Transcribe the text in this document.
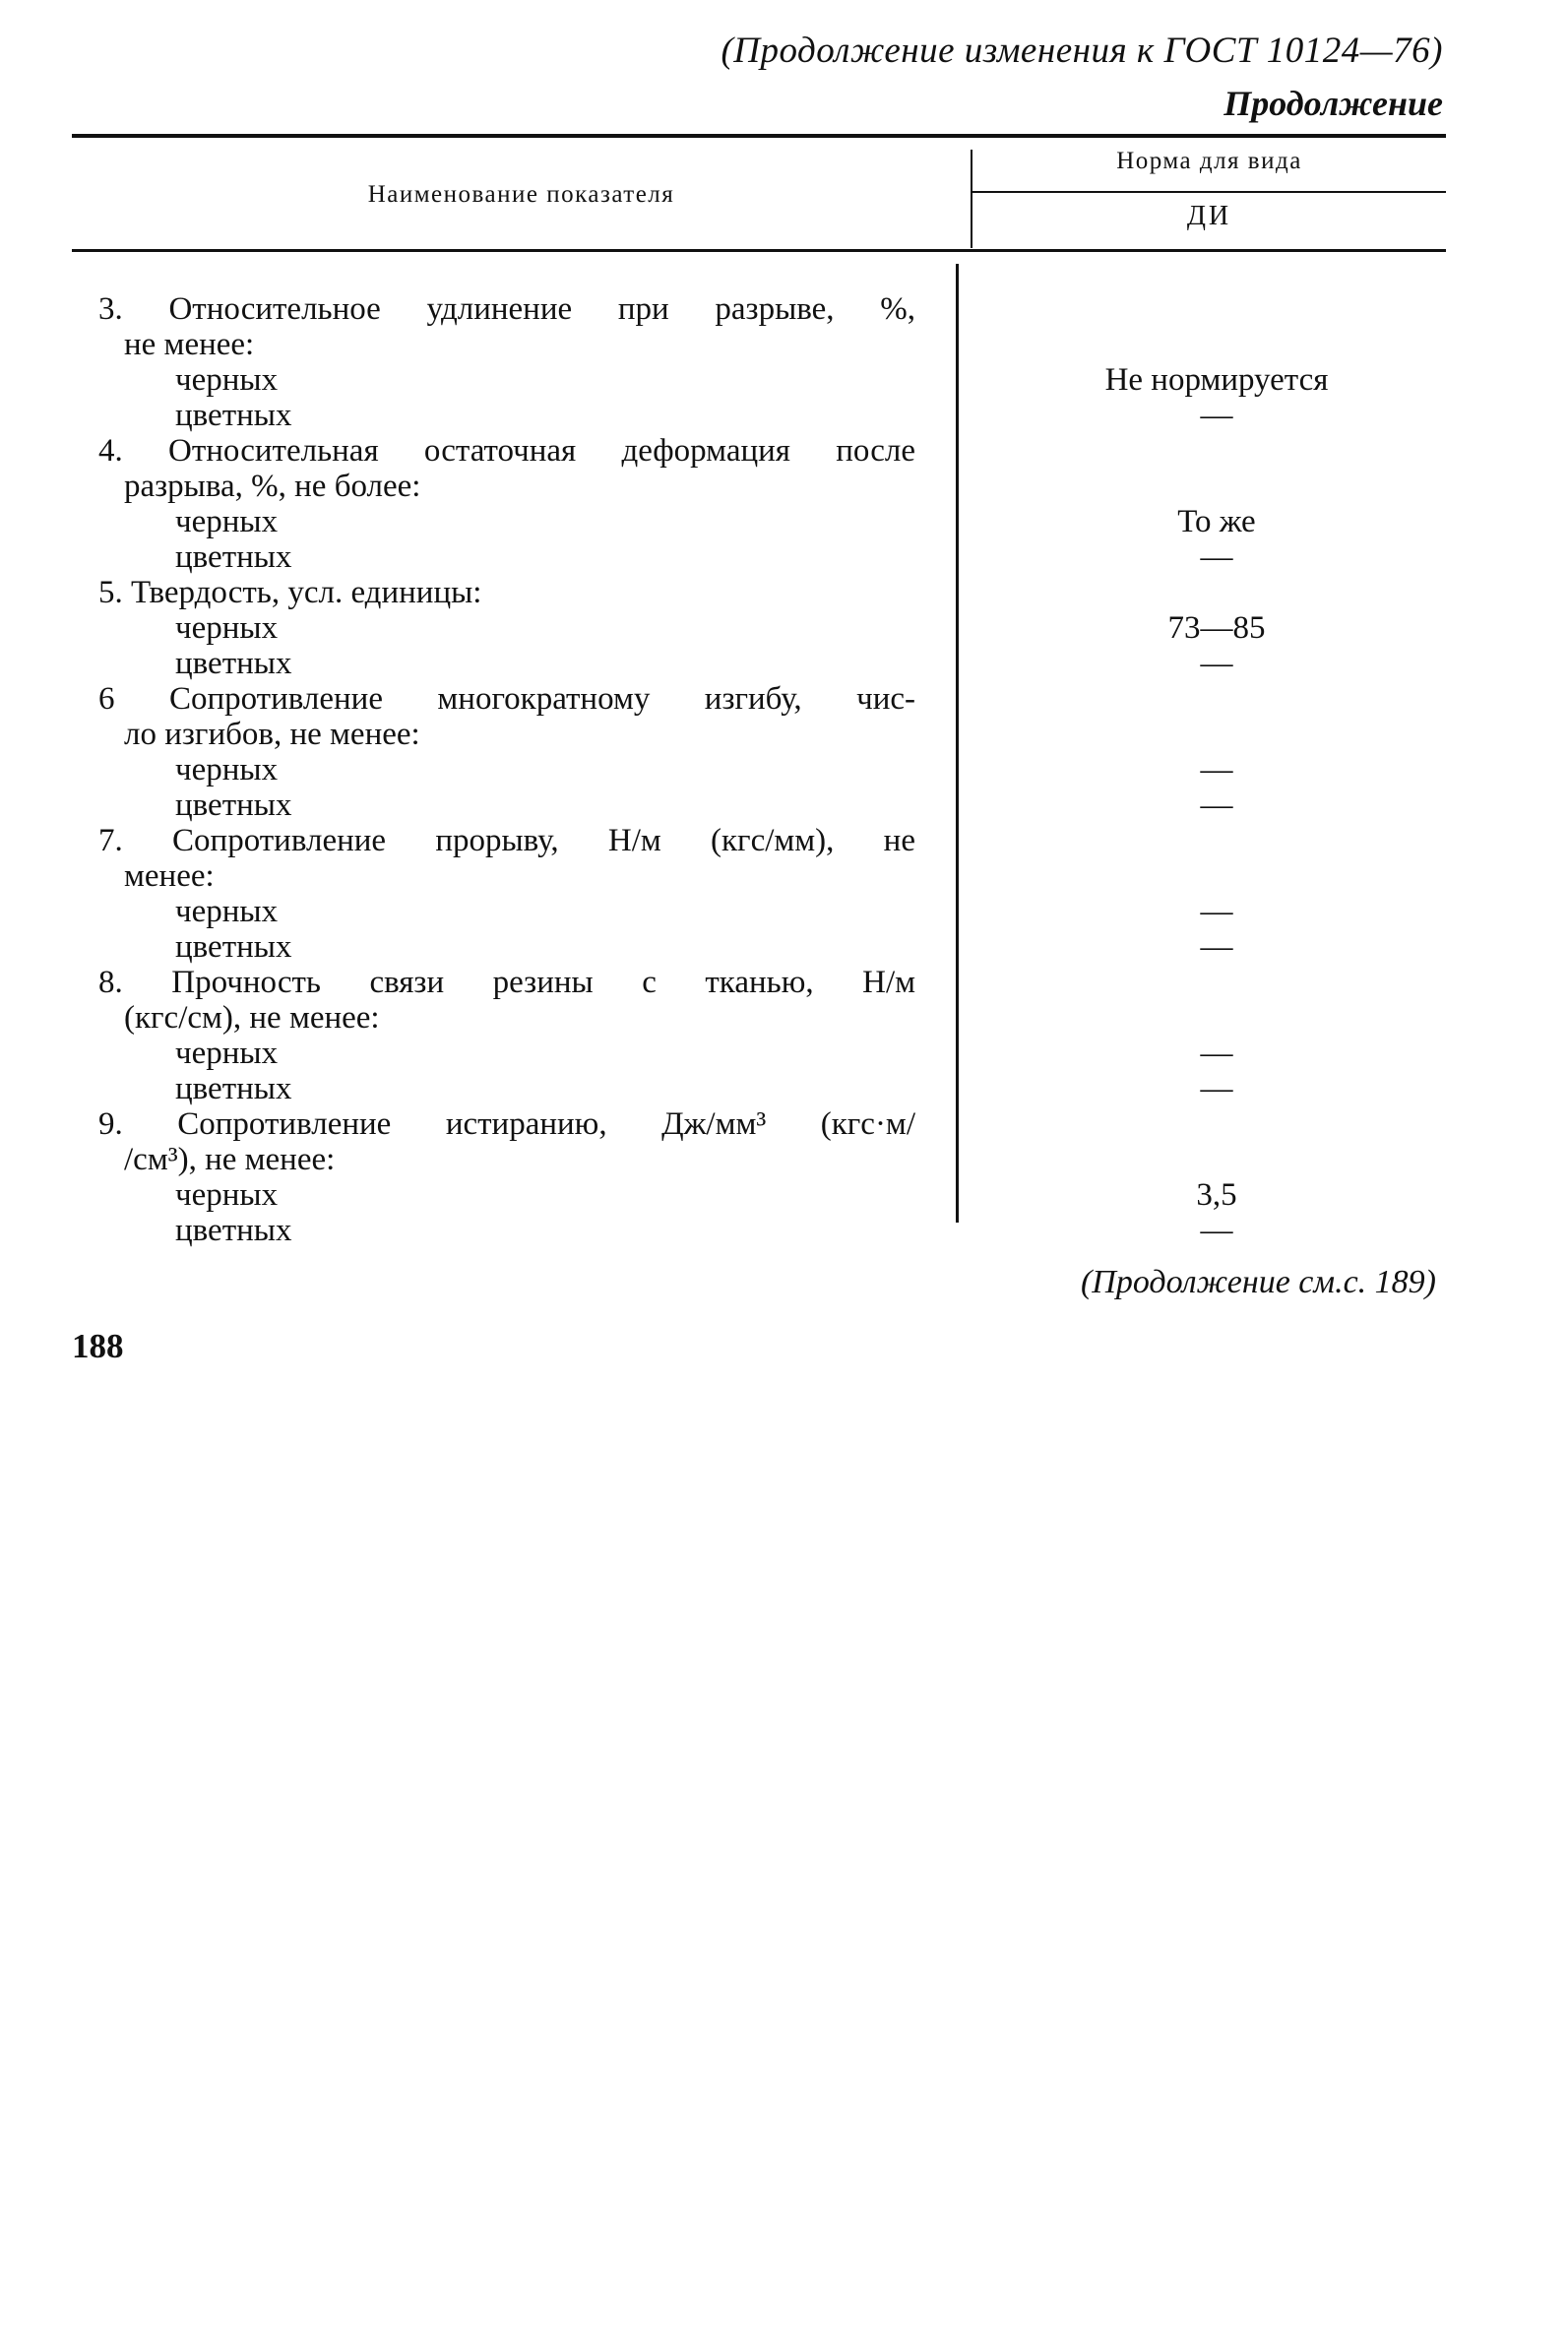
(Продолжение изменения к ГОСТ 10124—76)
Продолжение
Наименование показателя
Норма для вида
ДИ
3. Относительное удлинение при разрыве, %,
не менее:
черных	Не нормируется
цветных	—
4. Относительная остаточная деформация после
разрыва, %, не более:
черных	То же
цветных	—
5. Твердость, усл. единицы:
черных	73—85
цветных	—
6 Сопротивление многократному изгибу, чис-
ло изгибов, не менее:
черных	—
цветных	—
7. Сопротивление прорыву, Н/м (кгс/мм), не
менее:
черных	—
цветных	—
8. Прочность связи резины с тканью, Н/м
(кгс/см), не менее:
черных	—
цветных	—
9. Сопротивление истиранию, Дж/мм³ (кгс·м/
/см³), не менее:
черных	3,5
цветных	—
(Продолжение см.с. 189)
188
